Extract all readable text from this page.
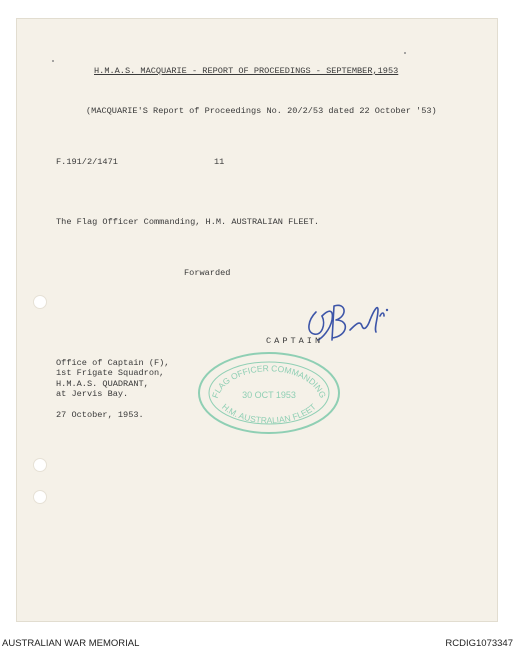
H.M.A.S. MACQUARIE - REPORT OF PROCEEDINGS - SEPTEMBER,1953
(MACQUARIE'S Report of Proceedings No. 20/2/53 dated 22 October '53)
F.191/2/1471	11
The Flag Officer Commanding, H.M. AUSTRALIAN FLEET.
Forwarded
CAPTAIN
FLAG OFFICER COMMANDING
30 OCT 1953
H.M. AUSTRALIAN FLEET
Office of Captain (F),
1st Frigate Squadron,
H.M.A.S. QUADRANT,
at Jervis Bay.
27 October, 1953.
AUSTRALIAN WAR MEMORIAL	RCDIG1073347
